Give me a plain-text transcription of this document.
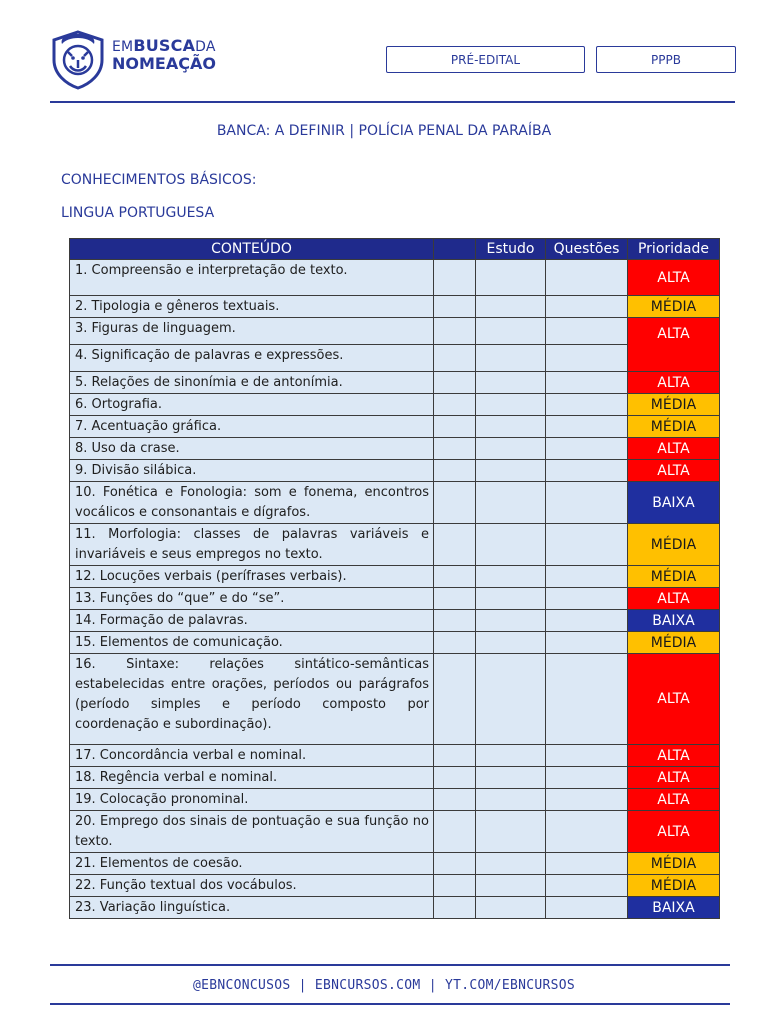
EMBUSCADA
NOMEAÇÃO	PRÉ-EDITAL	PPPB
BANCA: A DEFINIR | POLÍCIA PENAL DA PARAÍBA
CONHECIMENTOS BÁSICOS:
LINGUA PORTUGUESA
CONTEÚDO		Estudo	Questões	Prioridade
1. Compreensão e interpretação de texto.				ALTA
2. Tipologia e gêneros textuais.				MÉDIA
3. Figuras de linguagem.				ALTA
4. Significação de palavras e expressões.				
5. Relações de sinonímia e de antonímia.				ALTA
6. Ortografia.				MÉDIA
7. Acentuação gráfica.				MÉDIA
8. Uso da crase.				ALTA
9. Divisão silábica.				ALTA
10. Fonética e Fonologia: som e fonema, encontros vocálicos e consonantais e dígrafos.				BAIXA
11. Morfologia: classes de palavras variáveis e invariáveis e seus empregos no texto.				MÉDIA
12. Locuções verbais (perífrases verbais).				MÉDIA
13. Funções do “que” e do “se”.				ALTA
14. Formação de palavras.				BAIXA
15. Elementos de comunicação.				MÉDIA
16. Sintaxe: relações sintático-semânticas estabelecidas entre orações, períodos ou parágrafos (período simples e período composto por coordenação e subordinação).				ALTA
17. Concordância verbal e nominal.				ALTA
18. Regência verbal e nominal.				ALTA
19. Colocação pronominal.				ALTA
20. Emprego dos sinais de pontuação e sua função no texto.				ALTA
21. Elementos de coesão.				MÉDIA
22. Função textual dos vocábulos.				MÉDIA
23. Variação linguística.				BAIXA
@EBNCONCUSOS | EBNCURSOS.COM | YT.COM/EBNCURSOS
